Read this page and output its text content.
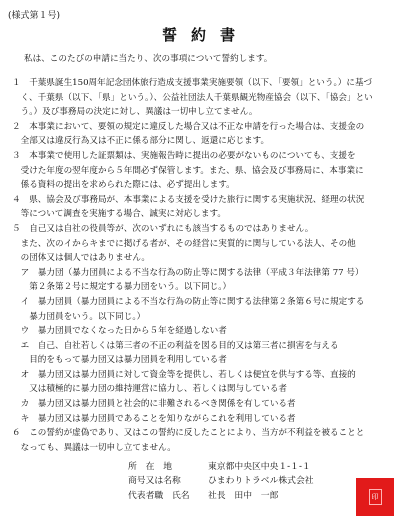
(様式第１号)
誓約書
私は、このたびの申請に当たり、次の事項について誓約します。
１　千葉県誕生150周年記念団体旅行造成支援事業実施要領（以下、「要領」という。）に基づ
　く、千葉県（以下、「県」という。）、公益社団法人千葉県観光物産協会（以下、「協会」とい
　う。）及び事務局の決定に対し、異議は一切申し立てません。
２　本事業において、要領の規定に違反した場合又は不正な申請を行った場合は、支援金の
　全部又は違反行為又は不正に係る部分に関し、返還に応じます。
３　本事業で使用した証票類は、実施報告時に提出の必要がないものについても、支援を
　受けた年度の翌年度から５年間必ず保管します。また、県、協会及び事務局に、本事業に
　係る資料の提出を求められた際には、必ず提出します。
４　県、協会及び事務局が、本事業による支援を受けた旅行に関する実施状況、経理の状況
　等について調査を実施する場合、誠実に対応します。
５　自己又は自社の役員等が、次のいずれにも該当するものではありません。
　また、次のイからキまでに掲げる者が、その経営に実質的に関与している法人、その他
　の団体又は個人ではありません。
　ア　暴力団（暴力団員による不当な行為の防止等に関する法律（平成３年法律第 77 号）
　　第２条第２号に規定する暴力団をいう。以下同じ。）
　イ　暴力団員（暴力団員による不当な行為の防止等に関する法律第２条第６号に規定する
　　暴力団員をいう。以下同じ。）
　ウ　暴力団員でなくなった日から５年を経過しない者
　エ　自己、自社若しくは第三者の不正の利益を図る目的又は第三者に損害を与える
　　目的をもって暴力団又は暴力団員を利用している者
　オ　暴力団又は暴力団員に対して資金等を提供し、若しくは便宜を供与する等、直接的
　　又は積極的に暴力団の維持運営に協力し、若しくは関与している者
　カ　暴力団又は暴力団員と社会的に非難されるべき関係を有している者
　キ　暴力団又は暴力団員であることを知りながらこれを利用している者
６　この誓約が虚偽であり、又はこの誓約に反したことにより、当方が不利益を被ることと
　なっても、異議は一切申し立てません。
所　在　地	東京都中央区中央１-１-１
商号又は名称	ひまわりトラベル株式会社
代表者職　氏名 社長　田中　一郎	印
